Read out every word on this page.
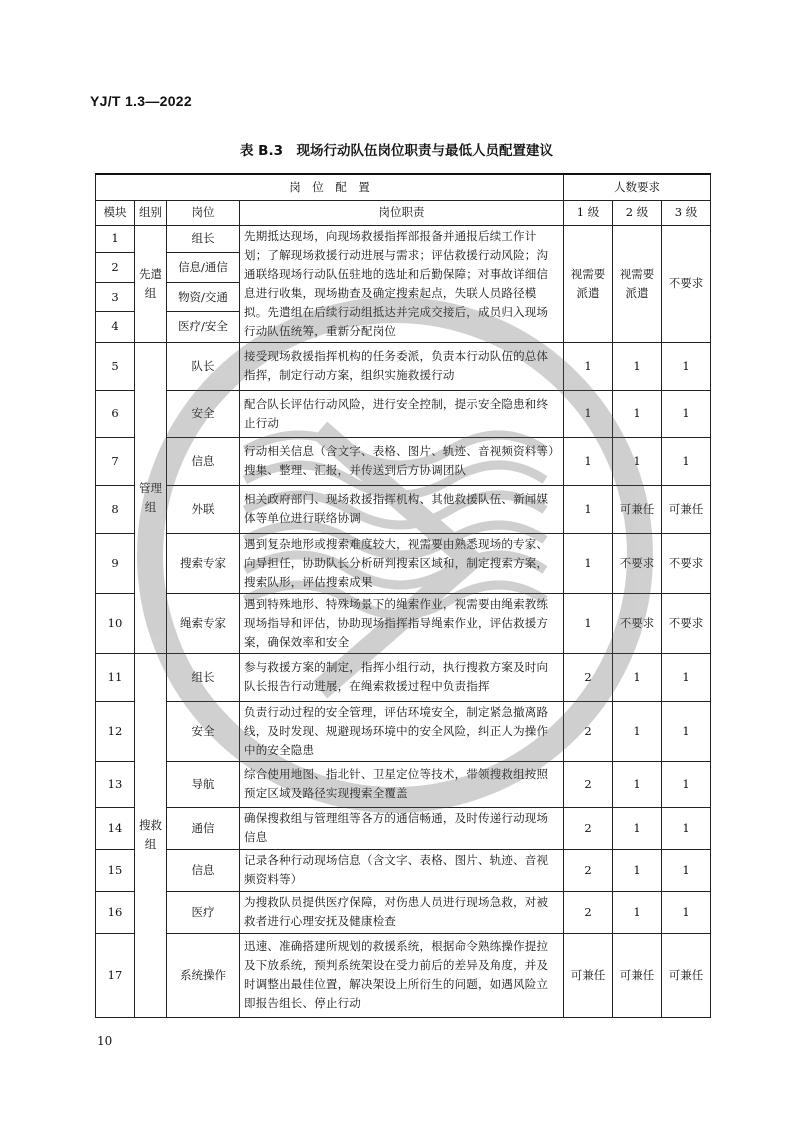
YJ/T 1.3—2022
表 B.3　现场行动队伍岗位职责与最低人员配置建议
岗　位　配　置				人数要求		
模块	组别	岗位	岗位职责	1 级	2 级	3 级
1	先遣组	组长	先期抵达现场，向现场救援指挥部报备并通报后续工作计划；了解现场救援行动进展与需求；评估救援行动风险；沟通联络现场行动队伍驻地的选址和后勤保障；对事故详细信息进行收集，现场勘查及确定搜索起点，失联人员路径模拟。先遣组在后续行动组抵达并完成交接后，成员归入现场行动队伍统筹，重新分配岗位	视需要派遣	视需要派遣	不要求
2		信息/通信				
3		物资/交通				
4		医疗/安全				
5	管理组	队长	接受现场救援指挥机构的任务委派，负责本行动队伍的总体指挥，制定行动方案，组织实施救援行动	1	1	1
6		安全	配合队长评估行动风险，进行安全控制，提示安全隐患和终止行动	1	1	1
7		信息	行动相关信息（含文字、表格、图片、轨迹、音视频资料等）搜集、整理、汇报，并传送到后方协调团队	1	1	1
8		外联	相关政府部门、现场救援指挥机构、其他救援队伍、新闻媒体等单位进行联络协调	1	可兼任	可兼任
9		搜索专家	遇到复杂地形或搜索难度较大，视需要由熟悉现场的专家、向导担任，协助队长分析研判搜索区域和，制定搜索方案，搜索队形，评估搜索成果	1	不要求	不要求
10		绳索专家	遇到特殊地形、特殊场景下的绳索作业，视需要由绳索教练现场指导和评估，协助现场指挥指导绳索作业，评估救援方案，确保效率和安全	1	不要求	不要求
11	搜救组	组长	参与救援方案的制定，指挥小组行动，执行搜救方案及时向队长报告行动进展，在绳索救援过程中负责指挥	2	1	1
12		安全	负责行动过程的安全管理，评估环境安全，制定紧急撤离路线，及时发现、规避现场环境中的安全风险，纠正人为操作中的安全隐患	2	1	1
13		导航	综合使用地图、指北针、卫星定位等技术，带领搜救组按照预定区域及路径实现搜索全覆盖	2	1	1
14		通信	确保搜救组与管理组等各方的通信畅通，及时传递行动现场信息	2	1	1
15		信息	记录各种行动现场信息（含文字、表格、图片、轨迹、音视频资料等）	2	1	1
16		医疗	为搜救队员提供医疗保障，对伤患人员进行现场急救，对被救者进行心理安抚及健康检查	2	1	1
17		系统操作	迅速、准确搭建所规划的救援系统，根据命令熟练操作提拉及下放系统，预判系统架设在受力前后的差异及角度，并及时调整出最佳位置，解决架设上所衍生的问题，如遇风险立即报告组长、停止行动	可兼任	可兼任	可兼任
10
